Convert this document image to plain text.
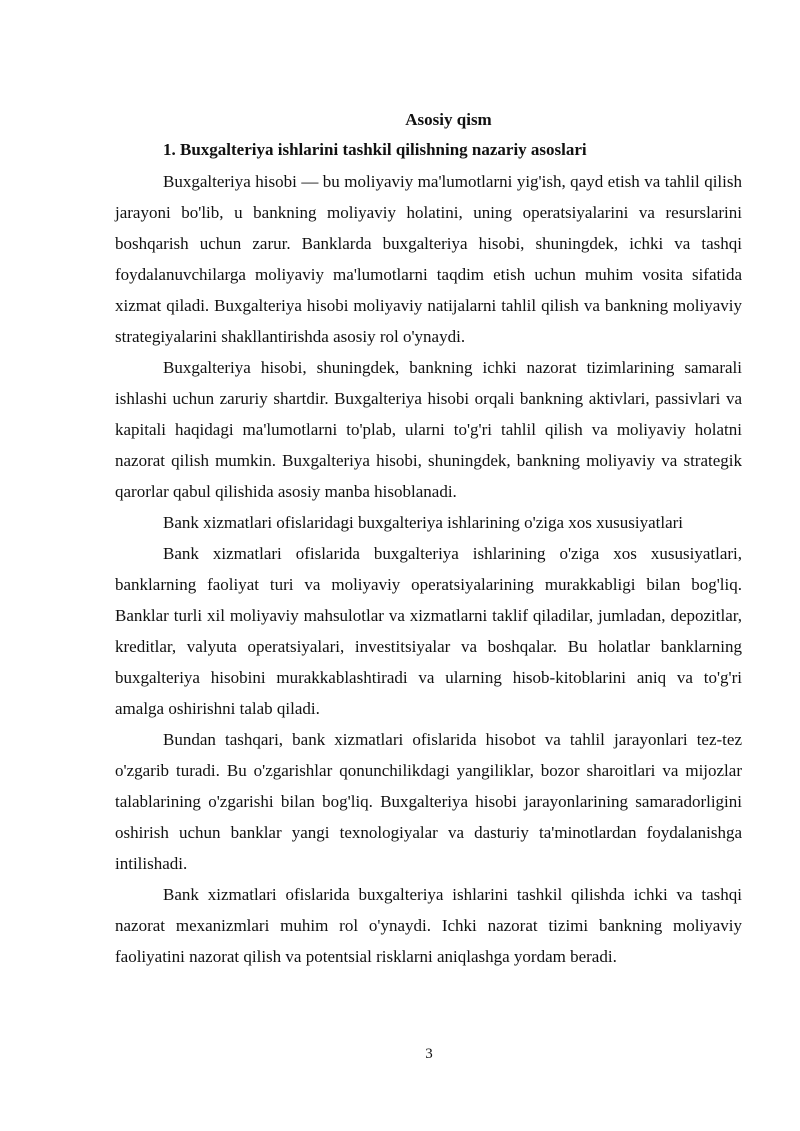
Asosiy qism
1. Buxgalteriya ishlarini tashkil qilishning nazariy asoslari

Buxgalteriya hisobi — bu moliyaviy ma'lumotlarni yig'ish, qayd etish va tahlil qilish jarayoni bo'lib, u bankning moliyaviy holatini, uning operatsiyalarini va resurslarini boshqarish uchun zarur. Banklarda buxgalteriya hisobi, shuningdek, ichki va tashqi foydalanuvchilarga moliyaviy ma'lumotlarni taqdim etish uchun muhim vosita sifatida xizmat qiladi. Buxgalteriya hisobi moliyaviy natijalarni tahlil qilish va bankning moliyaviy strategiyalarini shakllantirishda asosiy rol o'ynaydi.

Buxgalteriya hisobi, shuningdek, bankning ichki nazorat tizimlarining samarali ishlashi uchun zaruriy shartdir. Buxgalteriya hisobi orqali bankning aktivlari, passivlari va kapitali haqidagi ma'lumotlarni to'plab, ularni to'g'ri tahlil qilish va moliyaviy holatni nazorat qilish mumkin. Buxgalteriya hisobi, shuningdek, bankning moliyaviy va strategik qarorlar qabul qilishida asosiy manba hisoblanadi.

Bank xizmatlari ofislaridagi buxgalteriya ishlarining o'ziga xos xususiyatlari

Bank xizmatlari ofislarida buxgalteriya ishlarining o'ziga xos xususiyatlari, banklarning faoliyat turi va moliyaviy operatsiyalarining murakkabligi bilan bog'liq. Banklar turli xil moliyaviy mahsulotlar va xizmatlarni taklif qiladilar, jumladan, depozitlar, kreditlar, valyuta operatsiyalari, investitsiyalar va boshqalar. Bu holatlar banklarning buxgalteriya hisobini murakkablashtiradi va ularning hisob-kitoblarini aniq va to'g'ri amalga oshirishni talab qiladi.

Bundan tashqari, bank xizmatlari ofislarida hisobot va tahlil jarayonlari tez-tez o'zgarib turadi. Bu o'zgarishlar qonunchilikdagi yangiliklar, bozor sharoitlari va mijozlar talablarining o'zgarishi bilan bog'liq. Buxgalteriya hisobi jarayonlarining samaradorligini oshirish uchun banklar yangi texnologiyalar va dasturiy ta'minotlardan foydalanishga intilishadi.

Bank xizmatlari ofislarida buxgalteriya ishlarini tashkil qilishda ichki va tashqi nazorat mexanizmlari muhim rol o'ynaydi. Ichki nazorat tizimi bankning moliyaviy faoliyatini nazorat qilish va potentsial risklarni aniqlashga yordam beradi.

3
